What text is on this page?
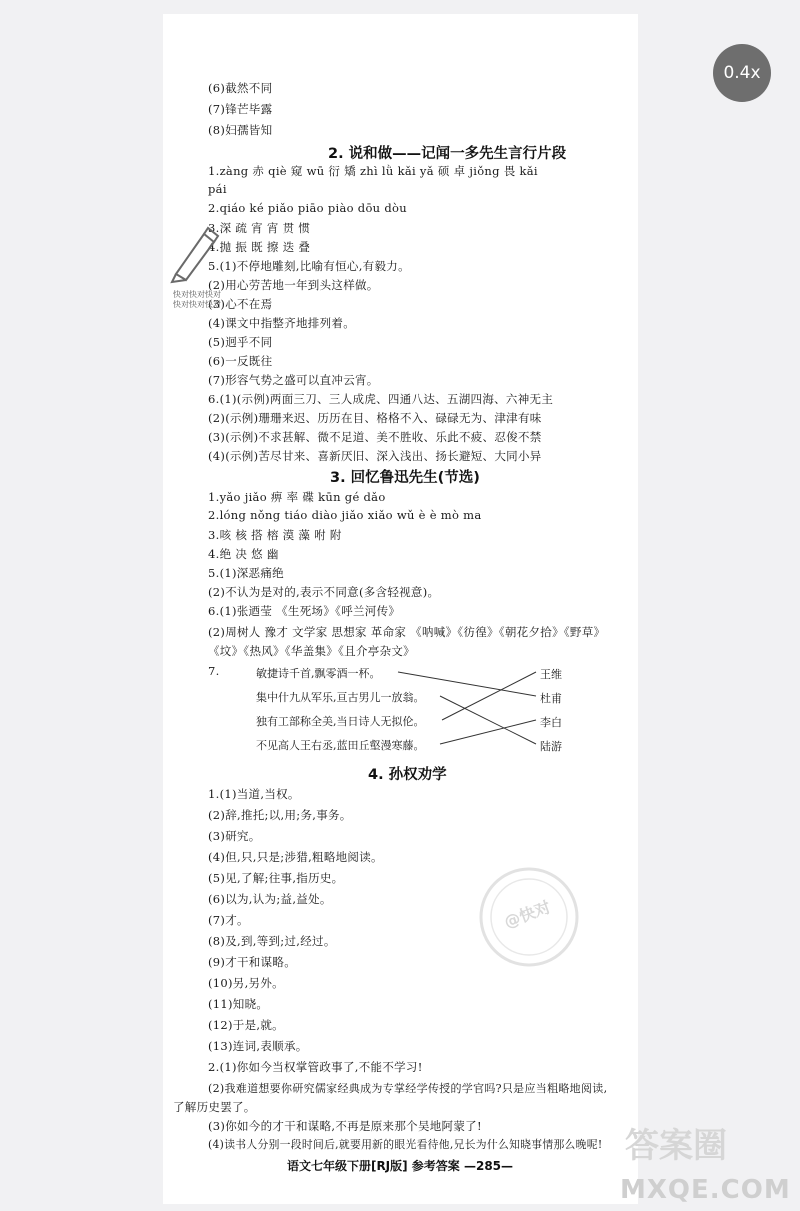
0.4x
(6)截然不同
(7)锋芒毕露
(8)妇孺皆知
2. 说和做——记闻一多先生言行片段
1.zàng 赤 qiè 窥 wū 衍 矯 zhì lǜ kǎi yǎ 硕 卓 jiǒng 畏 kǎi
pái
2.qiáo ké piǎo piāo piào dōu dòu
3.深 疏 宵 宵 贯 惯
4.抛 振 既 擦 迭 叠
5.(1)不停地雕刻,比喻有恒心,有毅力。
(2)用心劳苦地一年到头这样做。
(3)心不在焉
(4)课文中指整齐地排列着。
(5)迥乎不同
(6)一反既往
(7)形容气势之盛可以直冲云宵。
6.(1)(示例)两面三刀、三人成虎、四通八达、五湖四海、六神无主
(2)(示例)珊珊来迟、历历在目、格格不入、碌碌无为、津津有味
(3)(示例)不求甚解、微不足道、美不胜收、乐此不疲、忍俊不禁
(4)(示例)苦尽甘来、喜新厌旧、深入浅出、扬长避短、大同小异
快对快对快对
快对快对快对
3. 回忆鲁迅先生(节选)
1.yǎo jiǎo 痹 率 碟 kūn gé dǎo
2.lóng nǒng tiáo diào jiǎo xiǎo wǔ è è mò ma
3.咳 核 搭 榕 漠 藻 咐 附
4.绝 决 悠 幽
5.(1)深恶痛绝
(2)不认为是对的,表示不同意(多含轻视意)。
6.(1)张迺莹 《生死场》《呼兰河传》
(2)周树人 豫才 文学家 思想家 革命家 《呐喊》《彷徨》《朝花夕拾》《野草》
《坟》《热风》《华盖集》《且介亭杂文》
7.	敏捷诗千首,飘零酒一杯。
集中什九从军乐,亘古男儿一放翁。
独有工部称全美,当日诗人无拟伦。
不见高人王右丞,蓝田丘壑漫寒藤。
王维
杜甫
李白
陆游
4. 孙权劝学
1.(1)当道,当权。
(2)辞,推托;以,用;务,事务。
(3)研究。
(4)但,只,只是;涉猎,粗略地阅读。
(5)见,了解;往事,指历史。
(6)以为,认为;益,益处。
(7)才。
(8)及,到,等到;过,经过。
(9)才干和谋略。
(10)另,另外。
(11)知晓。
(12)于是,就。
(13)连词,表顺承。
2.(1)你如今当权掌管政事了,不能不学习!
(2)我难道想要你研究儒家经典成为专掌经学传授的学官吗?只是应当粗略地阅读,
了解历史罢了。
(3)你如今的才干和谋略,不再是原来那个吴地阿蒙了!
(4)读书人分别一段时间后,就要用新的眼光看待他,兄长为什么知晓事情那么晚呢!
@快对
语文七年级下册[RJ版] 参考答案 —285—	答案圈
MXQE.COM
